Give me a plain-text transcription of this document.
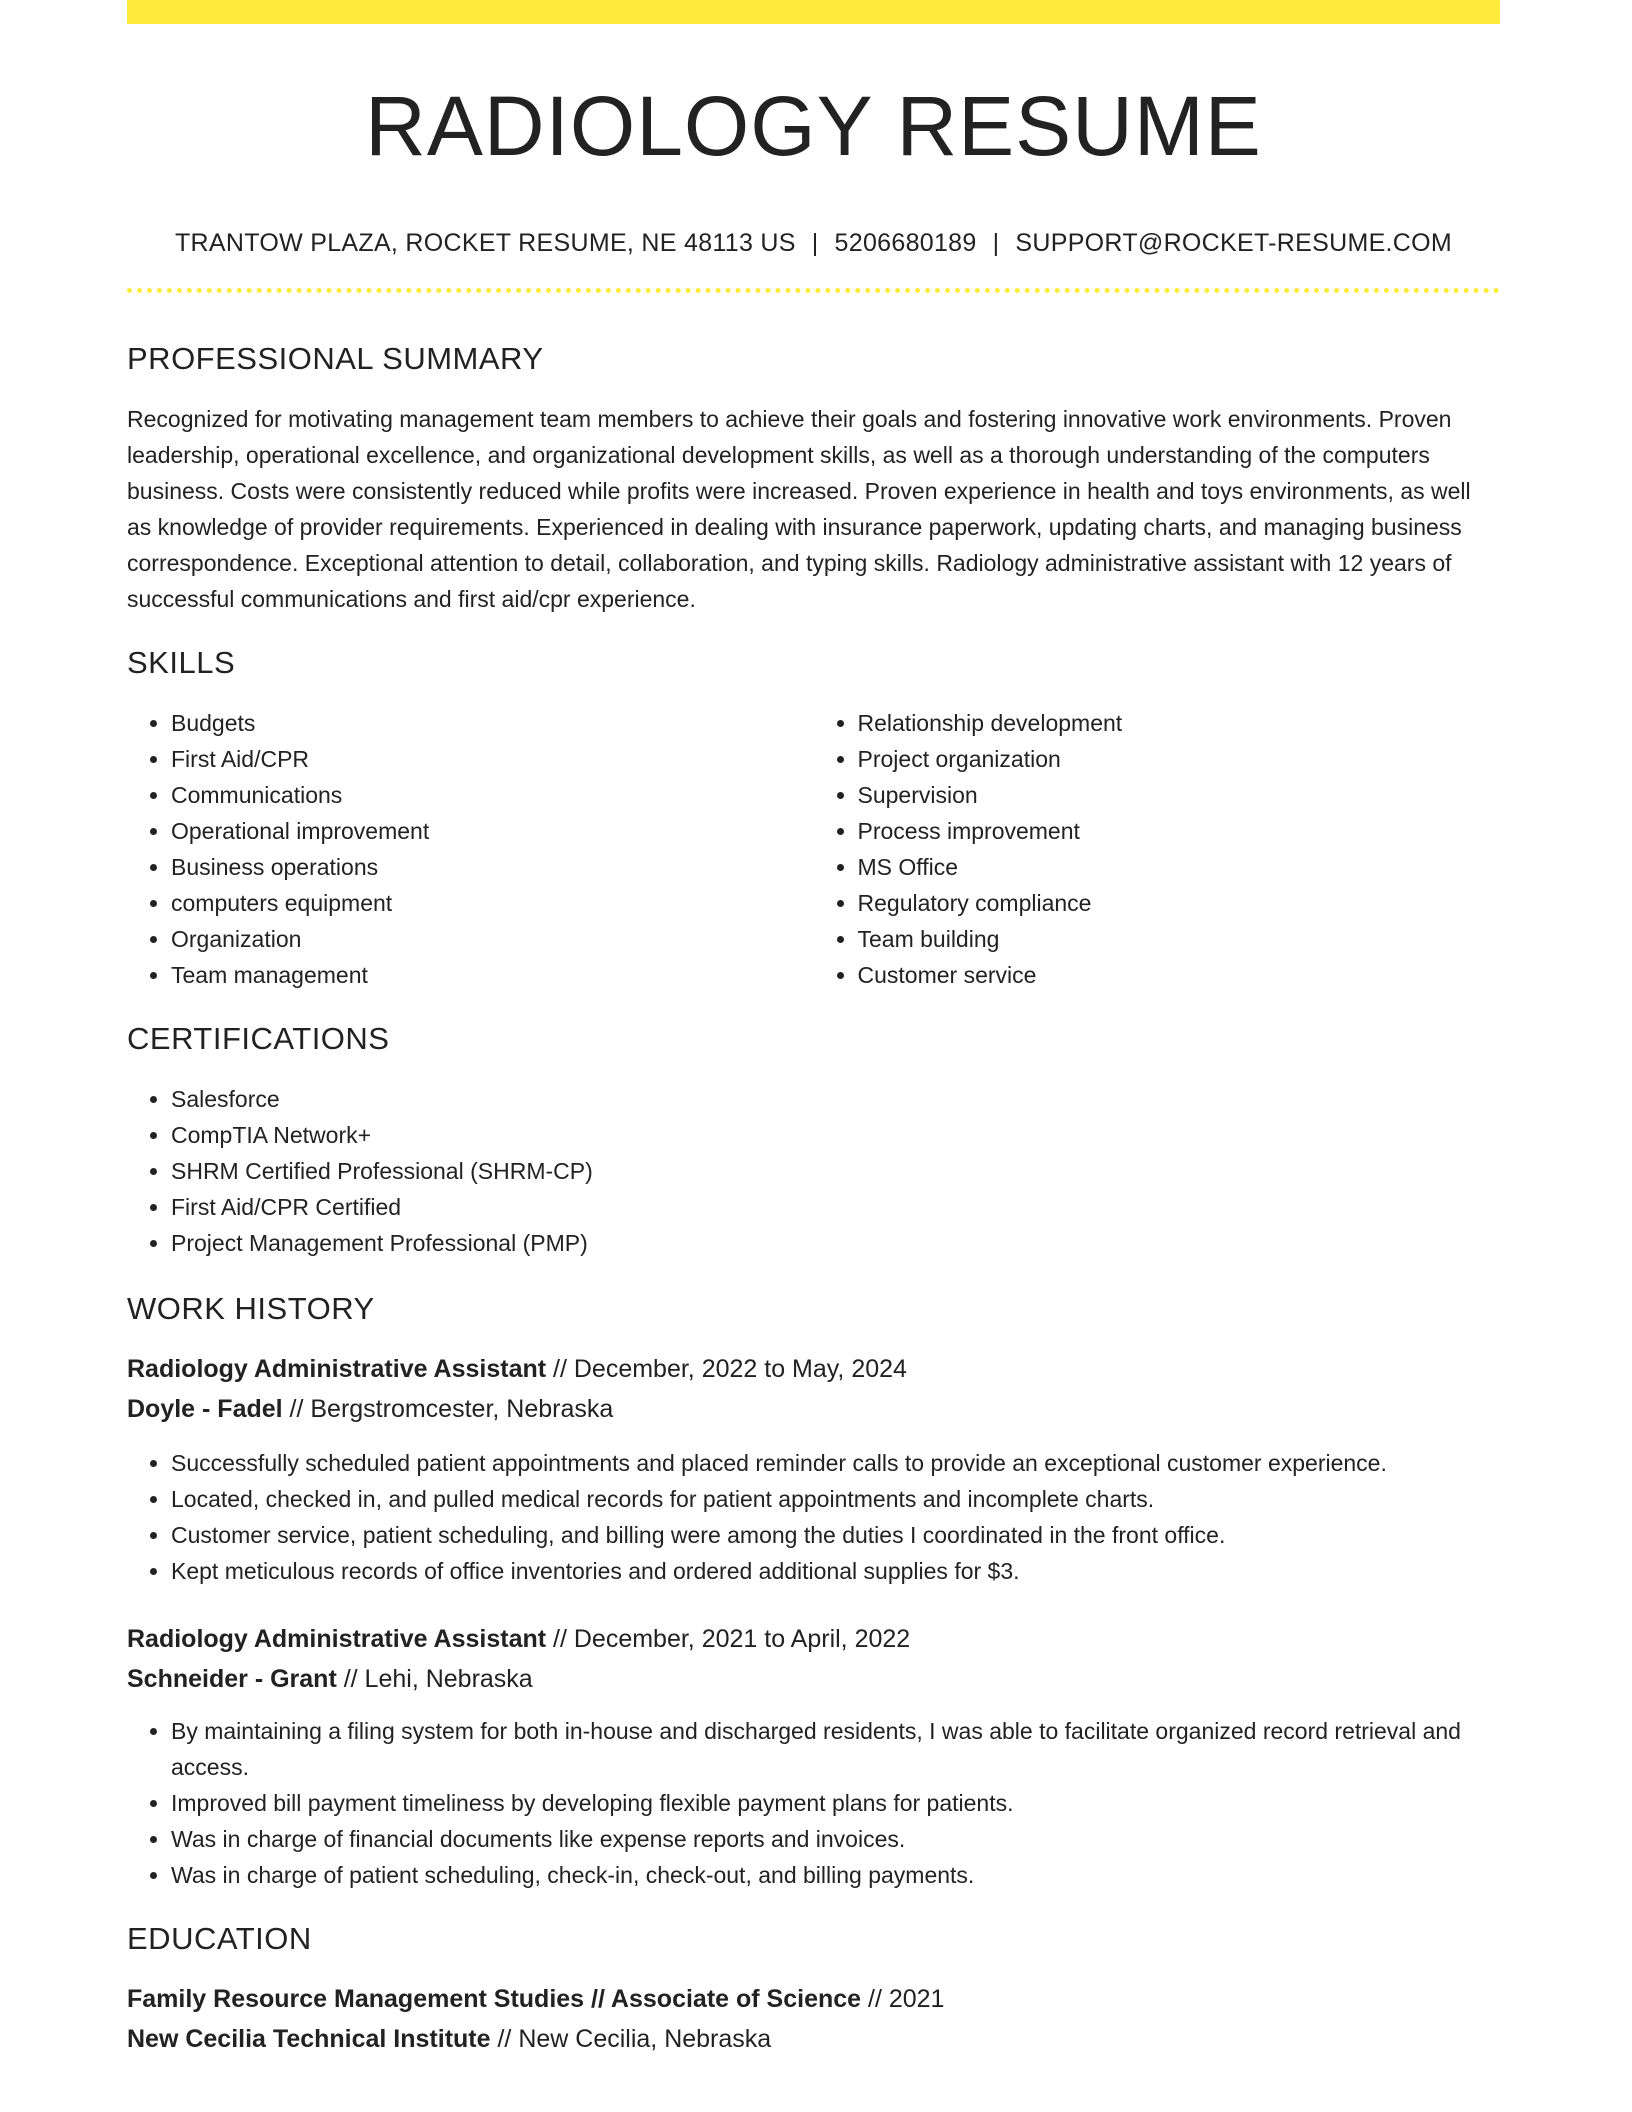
RADIOLOGY RESUME
TRANTOW PLAZA, ROCKET RESUME, NE 48113 US | 5206680189 | SUPPORT@ROCKET-RESUME.COM
PROFESSIONAL SUMMARY

Recognized for motivating management team members to achieve their goals and fostering innovative work environments. Proven leadership, operational excellence, and organizational development skills, as well as a thorough understanding of the computers business. Costs were consistently reduced while profits were increased. Proven experience in health and toys environments, as well as knowledge of provider requirements. Experienced in dealing with insurance paperwork, updating charts, and managing business correspondence. Exceptional attention to detail, collaboration, and typing skills. Radiology administrative assistant with 12 years of successful communications and first aid/cpr experience.

SKILLS
• Budgets
• First Aid/CPR
• Communications
• Operational improvement
• Business operations
• computers equipment
• Organization
• Team management
• Relationship development
• Project organization
• Supervision
• Process improvement
• MS Office
• Regulatory compliance
• Team building
• Customer service
CERTIFICATIONS
• Salesforce
• CompTIA Network+
• SHRM Certified Professional (SHRM-CP)
• First Aid/CPR Certified
• Project Management Professional (PMP)
WORK HISTORY
Radiology Administrative Assistant // December, 2022 to May, 2024
Doyle - Fadel // Bergstromcester, Nebraska
• Successfully scheduled patient appointments and placed reminder calls to provide an exceptional customer experience.
• Located, checked in, and pulled medical records for patient appointments and incomplete charts.
• Customer service, patient scheduling, and billing were among the duties I coordinated in the front office.
• Kept meticulous records of office inventories and ordered additional supplies for $3.
Radiology Administrative Assistant // December, 2021 to April, 2022
Schneider - Grant // Lehi, Nebraska
• By maintaining a filing system for both in-house and discharged residents, I was able to facilitate organized record retrieval and access.
• Improved bill payment timeliness by developing flexible payment plans for patients.
• Was in charge of financial documents like expense reports and invoices.
• Was in charge of patient scheduling, check-in, check-out, and billing payments.
EDUCATION
Family Resource Management Studies // Associate of Science // 2021
New Cecilia Technical Institute // New Cecilia, Nebraska
